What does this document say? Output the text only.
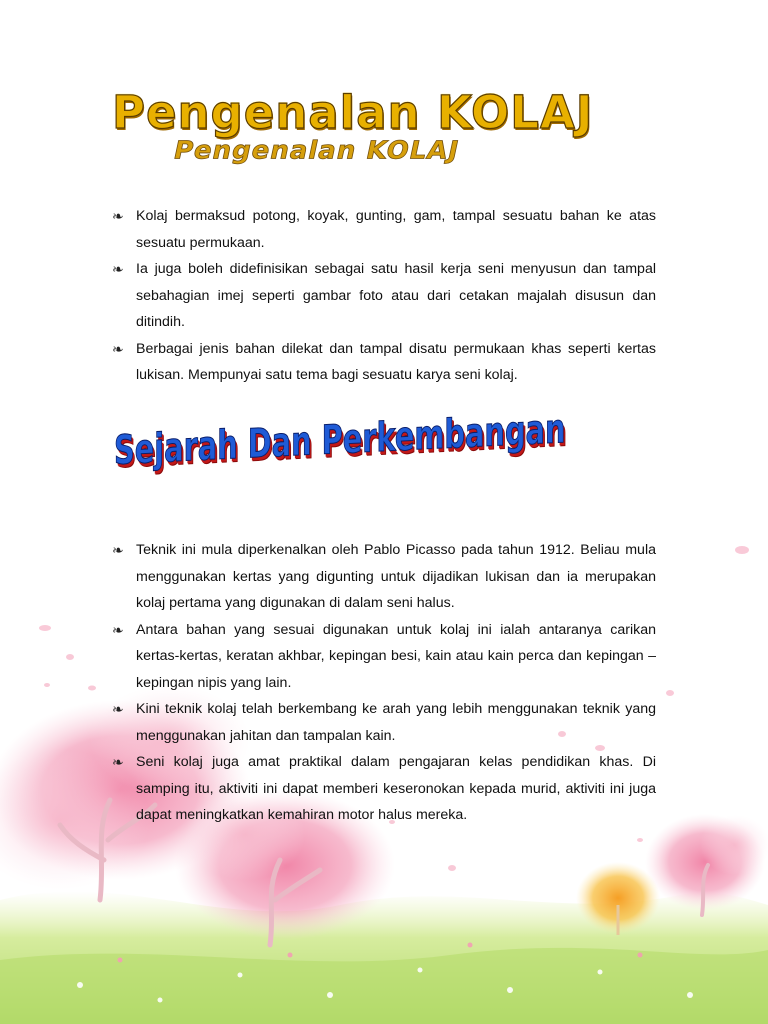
Pengenalan KOLAJ
Pengenalan KOLAJ
❧ Kolaj bermaksud potong, koyak, gunting, gam, tampal sesuatu bahan ke atas sesuatu permukaan.
❧ Ia juga boleh didefinisikan sebagai satu hasil kerja seni menyusun dan tampal sebahagian imej seperti gambar foto atau dari cetakan majalah disusun dan ditindih.
❧ Berbagai jenis bahan dilekat dan tampal disatu permukaan khas seperti kertas lukisan. Mempunyai satu tema bagi sesuatu karya seni kolaj.
Sejarah Dan Perkembangan
❧ Teknik ini mula diperkenalkan oleh Pablo Picasso pada tahun 1912. Beliau mula menggunakan kertas yang digunting untuk dijadikan lukisan dan ia merupakan kolaj pertama yang digunakan di dalam seni halus.
❧ Antara bahan yang sesuai digunakan untuk kolaj ini ialah antaranya carikan kertas-kertas, keratan akhbar, kepingan besi, kain atau kain perca dan kepingan – kepingan nipis yang lain.
❧ Kini teknik kolaj telah berkembang ke arah yang lebih menggunakan teknik yang menggunakan jahitan dan tampalan kain.
❧ Seni kolaj juga amat praktikal dalam pengajaran kelas pendidikan khas. Di samping itu, aktiviti ini dapat memberi keseronokan kepada murid, aktiviti ini juga dapat meningkatkan kemahiran motor halus mereka.
